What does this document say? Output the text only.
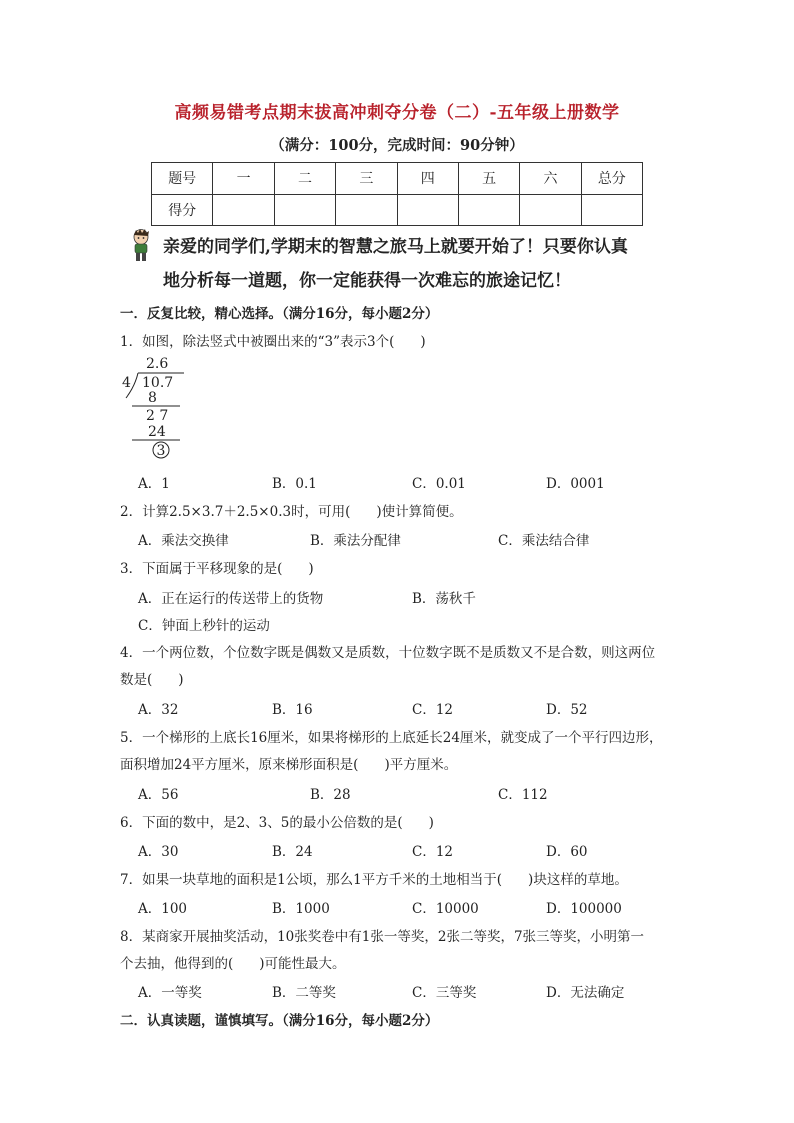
高频易错考点期末拔高冲刺夺分卷（二）-五年级上册数学
（满分：100分，完成时间：90分钟）
题号	一	二	三	四	五	六	总分
得分							
亲爱的同学们,学期末的智慧之旅马上就要开始了！只要你认真
地分析每一道题，你一定能获得一次难忘的旅途记忆！
一．反复比较，精心选择。（满分16分，每小题2分）
1．如图，除法竖式中被圈出来的“3”表示3个( )
2.6
4 10.7
8
2 7
24
3
A．1	B．0.1	C．0.01	D．0001
2．计算2.5×3.7＋2.5×0.3时，可用( )使计算简便。
A．乘法交换律	B．乘法分配律	C．乘法结合律
3．下面属于平移现象的是( )
A．正在运行的传送带上的货物	B．荡秋千
C．钟面上秒针的运动
4．一个两位数，个位数字既是偶数又是质数，十位数字既不是质数又不是合数，则这两位
数是( )
A．32	B．16	C．12	D．52
5．一个梯形的上底长16厘米，如果将梯形的上底延长24厘米，就变成了一个平行四边形，
面积增加24平方厘米，原来梯形面积是( )平方厘米。
A．56	B．28	C．112
6．下面的数中，是2、3、5的最小公倍数的是( )
A．30	B．24	C．12	D．60
7．如果一块草地的面积是1公顷，那么1平方千米的土地相当于( )块这样的草地。
A．100	B．1000	C．10000	D．100000
8．某商家开展抽奖活动，10张奖卷中有1张一等奖，2张二等奖，7张三等奖，小明第一
个去抽，他得到的( )可能性最大。
A．一等奖	B．二等奖	C．三等奖	D．无法确定
二．认真读题，谨慎填写。（满分16分，每小题2分）
